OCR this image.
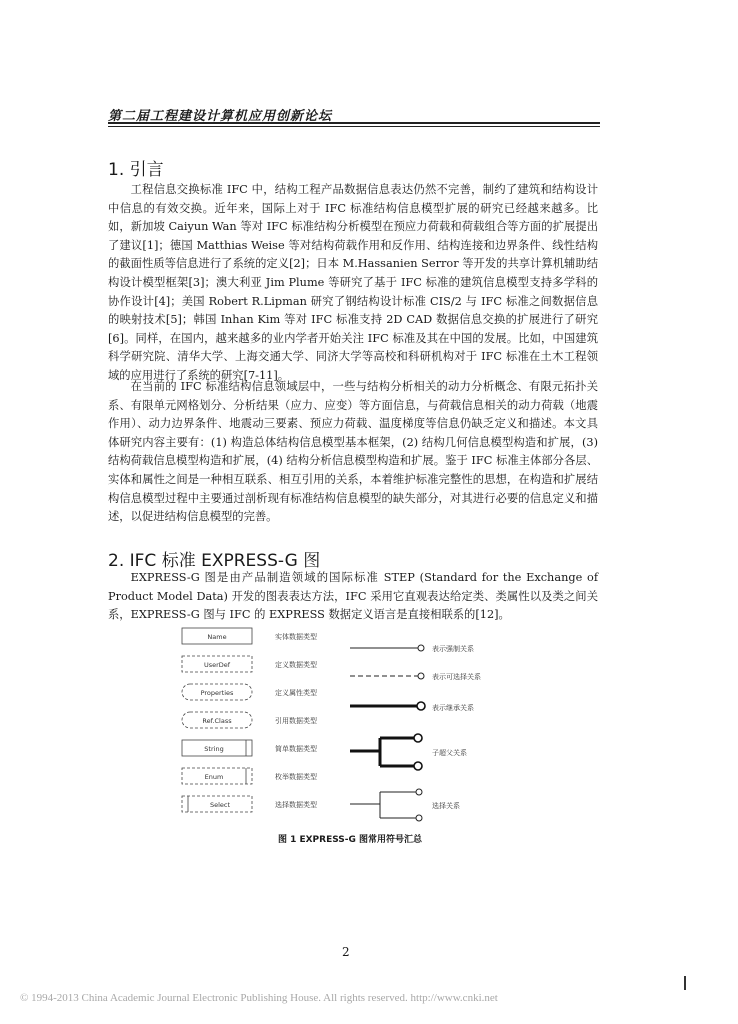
第二届工程建设计算机应用创新论坛
1. 引言

工程信息交换标准 IFC 中，结构工程产品数据信息表达仍然不完善，制约了建筑和结构设计中信息的有效交换。近年来，国际上对于 IFC 标准结构信息模型扩展的研究已经越来越多。比如，新加坡 Caiyun Wan 等对 IFC 标准结构分析模型在预应力荷载和荷载组合等方面的扩展提出了建议[1]；德国 Matthias Weise 等对结构荷载作用和反作用、结构连接和边界条件、线性结构的截面性质等信息进行了系统的定义[2]；日本 M.Hassanien Serror 等开发的共享计算机辅助结构设计模型框架[3]；澳大利亚 Jim Plume 等研究了基于 IFC 标准的建筑信息模型支持多学科的协作设计[4]；美国 Robert R.Lipman 研究了钢结构设计标准 CIS/2 与 IFC 标准之间数据信息的映射技术[5]；韩国 Inhan Kim 等对 IFC 标准支持 2D CAD 数据信息交换的扩展进行了研究[6]。同样，在国内，越来越多的业内学者开始关注 IFC 标准及其在中国的发展。比如，中国建筑科学研究院、清华大学、上海交通大学、同济大学等高校和科研机构对于 IFC 标准在土木工程领域的应用进行了系统的研究[7-11]。

在当前的 IFC 标准结构信息领域层中，一些与结构分析相关的动力分析概念、有限元拓扑关系、有限单元网格划分、分析结果（应力、应变）等方面信息，与荷载信息相关的动力荷载（地震作用）、动力边界条件、地震动三要素、预应力荷载、温度梯度等信息仍缺乏定义和描述。本文具体研究内容主要有：(1) 构造总体结构信息模型基本框架，(2) 结构几何信息模型构造和扩展，(3) 结构荷载信息模型构造和扩展，(4) 结构分析信息模型构造和扩展。鉴于 IFC 标准主体部分各层、实体和属性之间是一种相互联系、相互引用的关系，本着维护标准完整性的思想，在构造和扩展结构信息模型过程中主要通过剖析现有标准结构信息模型的缺失部分，对其进行必要的信息定义和描述，以促进结构信息模型的完善。

2. IFC 标准 EXPRESS-G 图

EXPRESS-G 图是由产品制造领域的国际标准 STEP (Standard for the Exchange of Product Model Data) 开发的图表表达方法，IFC 采用它直观表达给定类、类属性以及类之间关系，EXPRESS-G 图与 IFC 的 EXPRESS 数据定义语言是直接相联系的[12]。

Name	实体数据类型
UserDef	定义数据类型
Properties	定义属性类型
Ref.Class	引用数据类型
String	简单数据类型
Enum	枚举数据类型
Select	选择数据类型
表示强制关系
表示可选择关系
表示继承关系
子超父关系
选择关系
图 1 EXPRESS-G 图常用符号汇总
2
© 1994-2013 China Academic Journal Electronic Publishing House. All rights reserved. http://www.cnki.net
